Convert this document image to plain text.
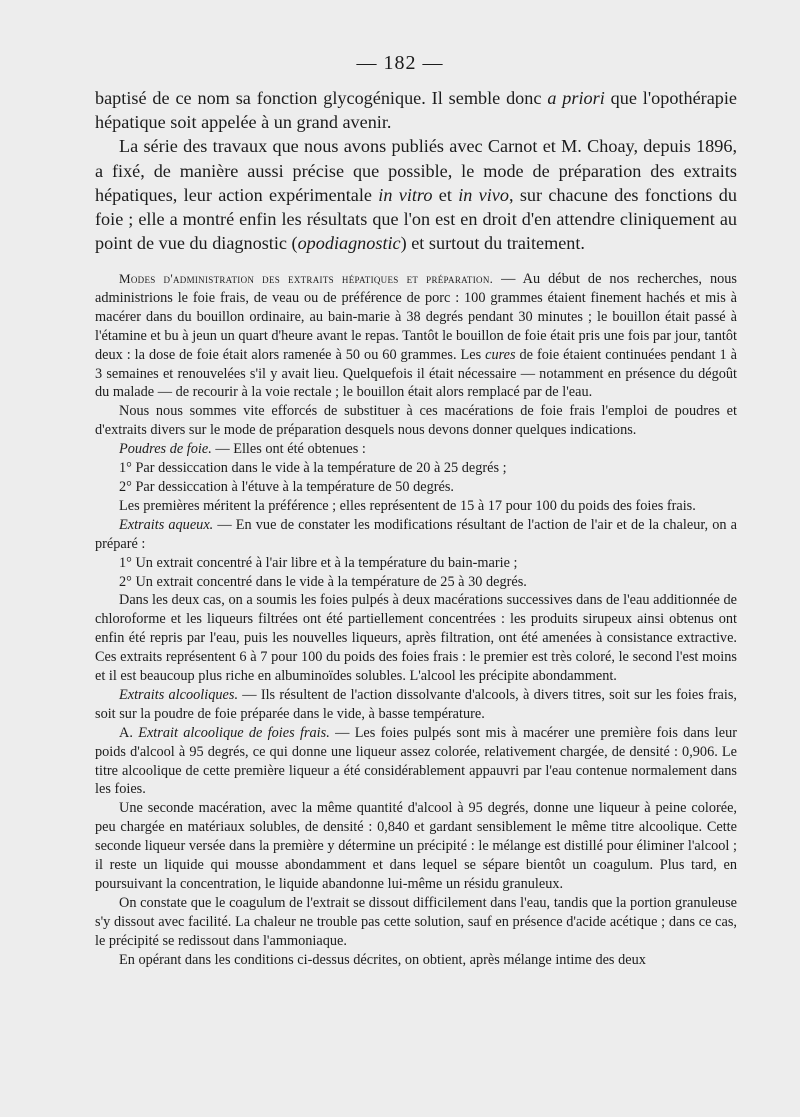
— 182 —

baptisé de ce nom sa fonction glycogénique. Il semble donc a priori que l'opothérapie hépatique soit appelée à un grand avenir.

La série des travaux que nous avons publiés avec Carnot et M. Choay, depuis 1896, a fixé, de manière aussi précise que possible, le mode de préparation des extraits hépatiques, leur action expérimentale in vitro et in vivo, sur chacune des fonctions du foie ; elle a montré enfin les résultats que l'on est en droit d'en attendre cliniquement au point de vue du diagnostic (opodiagnostic) et surtout du traitement.

Modes d'administration des extraits hépatiques et préparation. — Au début de nos recherches, nous administrions le foie frais, de veau ou de préférence de porc : 100 grammes étaient finement hachés et mis à macérer dans du bouillon ordinaire, au bain-marie à 38 degrés pendant 30 minutes ; le bouillon était passé à l'étamine et bu à jeun un quart d'heure avant le repas. Tantôt le bouillon de foie était pris une fois par jour, tantôt deux : la dose de foie était alors ramenée à 50 ou 60 grammes. Les cures de foie étaient continuées pendant 1 à 3 semaines et renouvelées s'il y avait lieu. Quelquefois il était nécessaire — notamment en présence du dégoût du malade — de recourir à la voie rectale ; le bouillon était alors remplacé par de l'eau.

Nous nous sommes vite efforcés de substituer à ces macérations de foie frais l'emploi de poudres et d'extraits divers sur le mode de préparation desquels nous devons donner quelques indications.

Poudres de foie. — Elles ont été obtenues :

1° Par dessiccation dans le vide à la température de 20 à 25 degrés ;

2° Par dessiccation à l'étuve à la température de 50 degrés.

Les premières méritent la préférence ; elles représentent de 15 à 17 pour 100 du poids des foies frais.

Extraits aqueux. — En vue de constater les modifications résultant de l'action de l'air et de la chaleur, on a préparé :

1° Un extrait concentré à l'air libre et à la température du bain-marie ;

2° Un extrait concentré dans le vide à la température de 25 à 30 degrés.

Dans les deux cas, on a soumis les foies pulpés à deux macérations successives dans de l'eau additionnée de chloroforme et les liqueurs filtrées ont été partiellement concentrées : les produits sirupeux ainsi obtenus ont enfin été repris par l'eau, puis les nouvelles liqueurs, après filtration, ont été amenées à consistance extractive. Ces extraits représentent 6 à 7 pour 100 du poids des foies frais : le premier est très coloré, le second l'est moins et il est beaucoup plus riche en albuminoïdes solubles. L'alcool les précipite abondamment.

Extraits alcooliques. — Ils résultent de l'action dissolvante d'alcools, à divers titres, soit sur les foies frais, soit sur la poudre de foie préparée dans le vide, à basse température.

A. Extrait alcoolique de foies frais. — Les foies pulpés sont mis à macérer une première fois dans leur poids d'alcool à 95 degrés, ce qui donne une liqueur assez colorée, relativement chargée, de densité : 0,906. Le titre alcoolique de cette première liqueur a été considérablement appauvri par l'eau contenue normalement dans les foies.

Une seconde macération, avec la même quantité d'alcool à 95 degrés, donne une liqueur à peine colorée, peu chargée en matériaux solubles, de densité : 0,840 et gardant sensiblement le même titre alcoolique. Cette seconde liqueur versée dans la première y détermine un précipité : le mélange est distillé pour éliminer l'alcool ; il reste un liquide qui mousse abondamment et dans lequel se sépare bientôt un coagulum. Plus tard, en poursuivant la concentration, le liquide abandonne lui-même un résidu granuleux.

On constate que le coagulum de l'extrait se dissout difficilement dans l'eau, tandis que la portion granuleuse s'y dissout avec facilité. La chaleur ne trouble pas cette solution, sauf en présence d'acide acétique ; dans ce cas, le précipité se redissout dans l'ammoniaque.

En opérant dans les conditions ci-dessus décrites, on obtient, après mélange intime des deux
